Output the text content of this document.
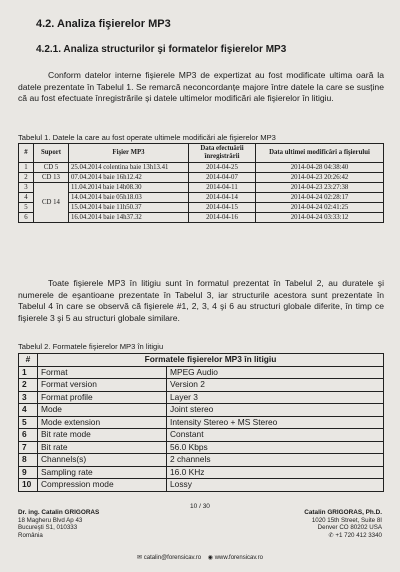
4.2. Analiza fişierelor MP3
4.2.1. Analiza structurilor şi formatelor fişierelor MP3
Conform datelor interne fişierele MP3 de expertizat au fost modificate ultima oară la datele prezentate în Tabelul 1. Se remarcă neconcordanțe majore între datele la care se susține că au fost efectuate înregistrările și datele ultimelor modificări ale fişierelor în litigiu.
Tabelul 1. Datele la care au fost operate ultimele modificări ale fişierelor MP3
#	Suport	Fişier MP3	Data efectuării înregistrării	Data ultimei modificări a fişierului
1	CD 5	25.04.2014 colentina baie 13h13.41	2014-04-25	2014-04-28 04:38:40
2	CD 13	07.04.2014 baie 16h12.42	2014-04-07	2014-04-23 20:26:42
3	CD 14	11.04.2014 baie 14h08.30	2014-04-11	2014-04-23 23:27:38
4		14.04.2014 baie 05h18.03	2014-04-14	2014-04-24 02:28:17
5		15.04.2014 baie 11h50.37	2014-04-15	2014-04-24 02:41:25
6		16.04.2014 baie 14h37.32	2014-04-16	2014-04-24 03:33:12
Toate fişierele MP3 în litigiu sunt în formatul prezentat în Tabelul 2, au duratele şi numerele de eşantioane prezentate în Tabelul 3, iar structurile acestora sunt prezentate în Tabelul 4 în care se observă că fişierele #1, 2, 3, 4 şi 6 au structuri globale diferite, în timp ce fişierele 3 şi 5 au structuri globale similare.
Tabelul 2. Formatele fişierelor MP3 în litigiu
#	Formatele fişierelor MP3 în litigiu	
1	Format	MPEG Audio
2	Format version	Version 2
3	Format profile	Layer 3
4	Mode	Joint stereo
5	Mode extension	Intensity Stereo + MS Stereo
6	Bit rate mode	Constant
7	Bit rate	56.0 Kbps
8	Channels(s)	2 channels
9	Sampling rate	16.0 KHz
10	Compression mode	Lossy
10 / 30
Dr. ing. Catalin GRIGORAS
18 Magheru Blvd Ap 43
Bucureşti S1, 010333
România
Catalin GRIGORAS, Ph.D.
1020 15th Street, Suite 8I
Denver CO 80202 USA
✆ +1 720 412 3340
✉ catalin@forensicav.ro ◉ www.forensicav.ro
